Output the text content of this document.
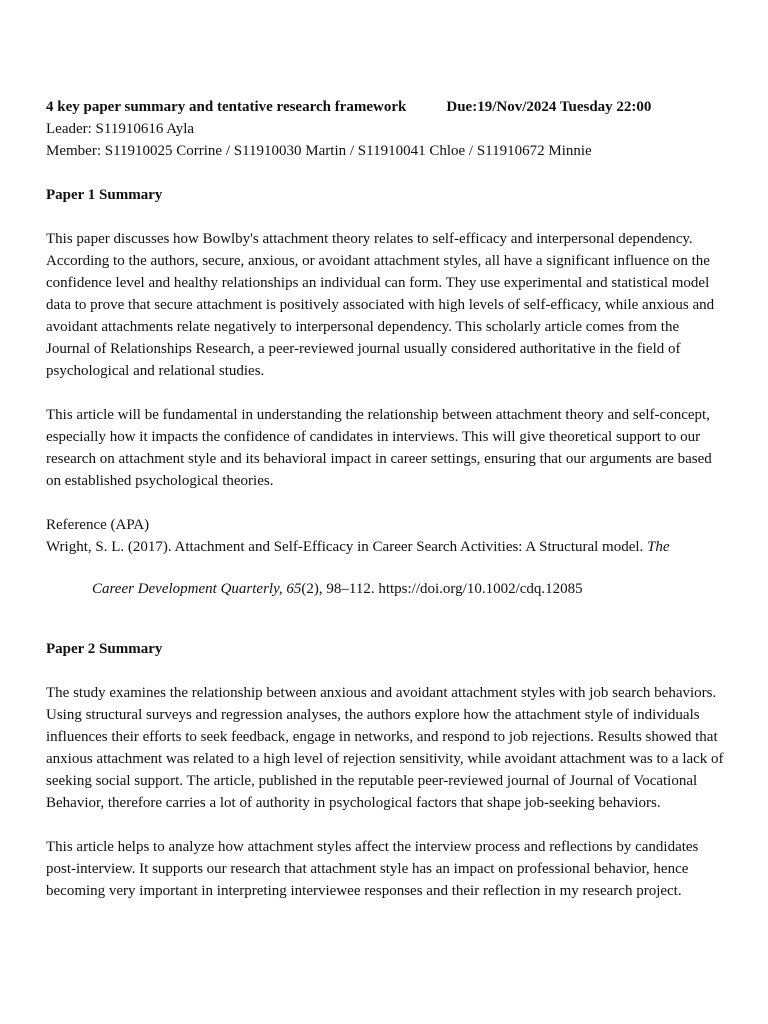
4 key paper summary and tentative research framework	Due:19/Nov/2024 Tuesday 22:00

Leader: S11910616 Ayla

Member: S11910025 Corrine / S11910030 Martin / S11910041 Chloe / S11910672 Minnie

Paper 1 Summary

This paper discusses how Bowlby's attachment theory relates to self-efficacy and interpersonal dependency. According to the authors, secure, anxious, or avoidant attachment styles, all have a significant influence on the confidence level and healthy relationships an individual can form. They use experimental and statistical model data to prove that secure attachment is positively associated with high levels of self-efficacy, while anxious and avoidant attachments relate negatively to interpersonal dependency. This scholarly article comes from the Journal of Relationships Research, a peer-reviewed journal usually considered authoritative in the field of psychological and relational studies.

This article will be fundamental in understanding the relationship between attachment theory and self-concept, especially how it impacts the confidence of candidates in interviews. This will give theoretical support to our research on attachment style and its behavioral impact in career settings, ensuring that our arguments are based on established psychological theories.

Reference (APA)

Wright, S. L. (2017). Attachment and Self-Efficacy in Career Search Activities: A Structural model. The

Career Development Quarterly, 65(2), 98–112. https://doi.org/10.1002/cdq.12085

Paper 2 Summary

The study examines the relationship between anxious and avoidant attachment styles with job search behaviors. Using structural surveys and regression analyses, the authors explore how the attachment style of individuals influences their efforts to seek feedback, engage in networks, and respond to job rejections. Results showed that anxious attachment was related to a high level of rejection sensitivity, while avoidant attachment was to a lack of seeking social support. The article, published in the reputable peer-reviewed journal of Journal of Vocational Behavior, therefore carries a lot of authority in psychological factors that shape job-seeking behaviors.

This article helps to analyze how attachment styles affect the interview process and reflections by candidates post-interview. It supports our research that attachment style has an impact on professional behavior, hence becoming very important in interpreting interviewee responses and their reflection in my research project.
